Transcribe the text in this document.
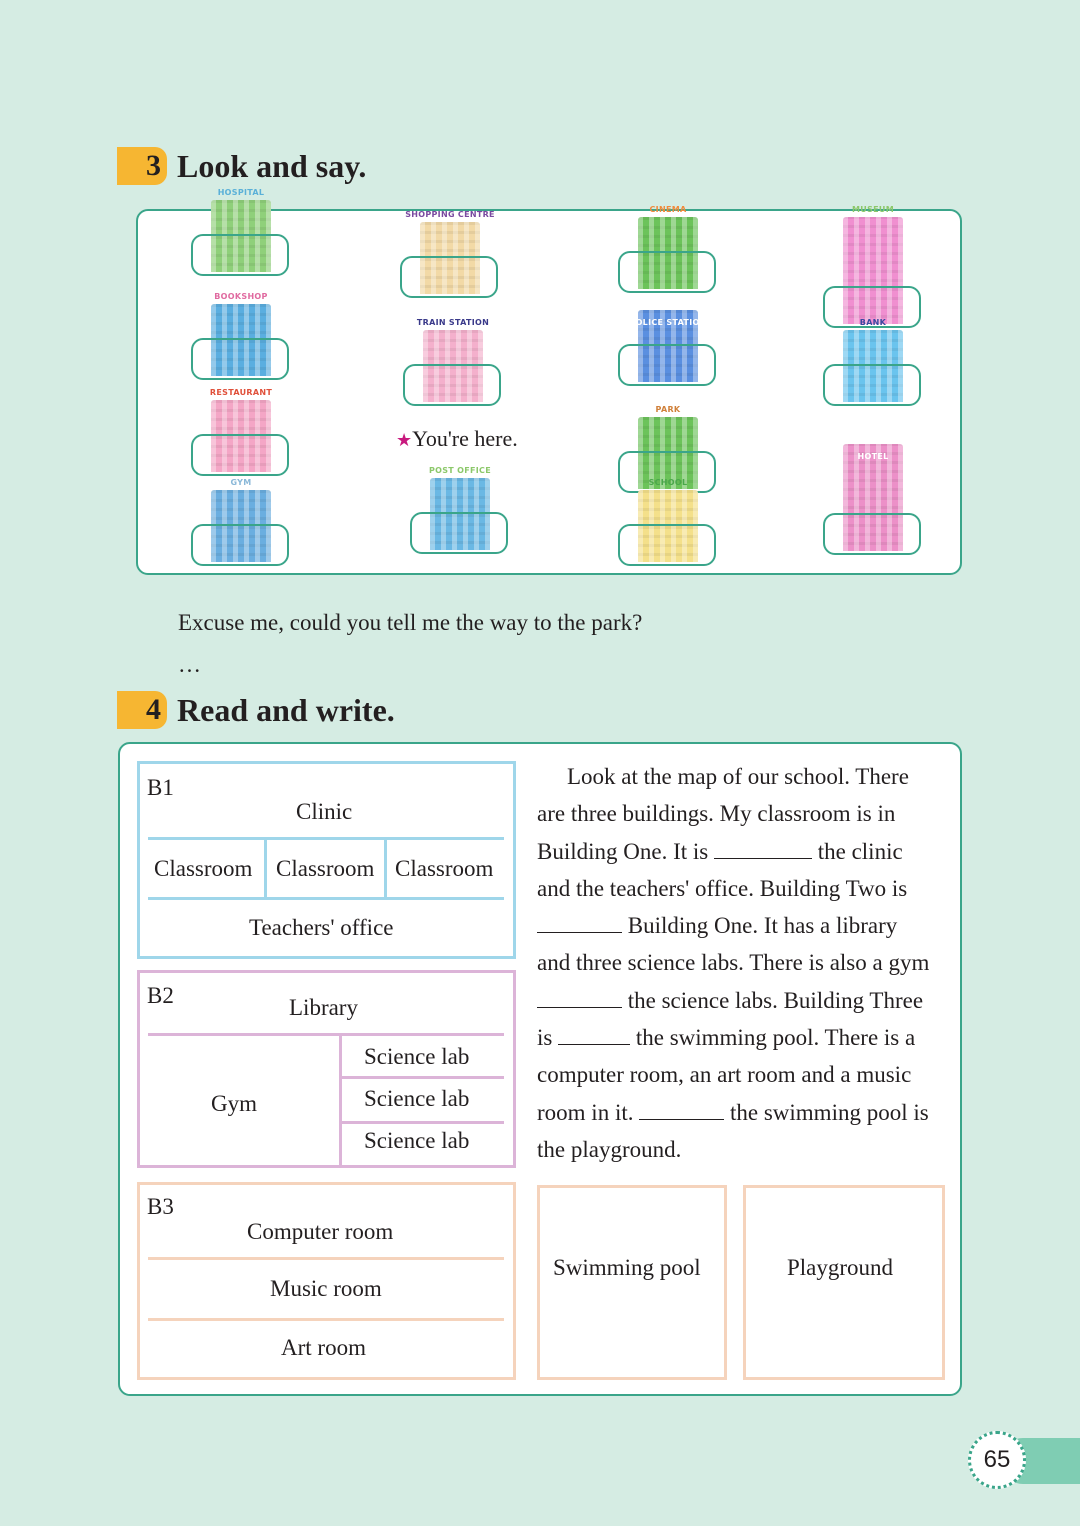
3 Look and say.
HOSPITAL
SHOPPING CENTRE
CINEMA	MUSEUM
BOOKSHOP
TRAIN STATION	POLICE STATION	BANK
RESTAURANT
PARK
GYM
POST OFFICE
SCHOOL
HOTEL
★You're here.
Excuse me, could you tell me the way to the park?
…
4 Read and write.
B1
Clinic
Classroom Classroom Classroom
Teachers' office
B2	Library
Gym
Science lab
Science lab
Science lab
B3
Computer room
Music room
Art room
Swimming pool	Playground
Look at the map of our school. There
are three buildings. My classroom is in
Building One. It is	the clinic
and the teachers' office. Building Two is
Building One. It has a library
and three science labs. There is also a gym
the science labs. Building Three
is	the swimming pool. There is a
computer room, an art room and a music
room in it.	the swimming pool is
the playground.
65
